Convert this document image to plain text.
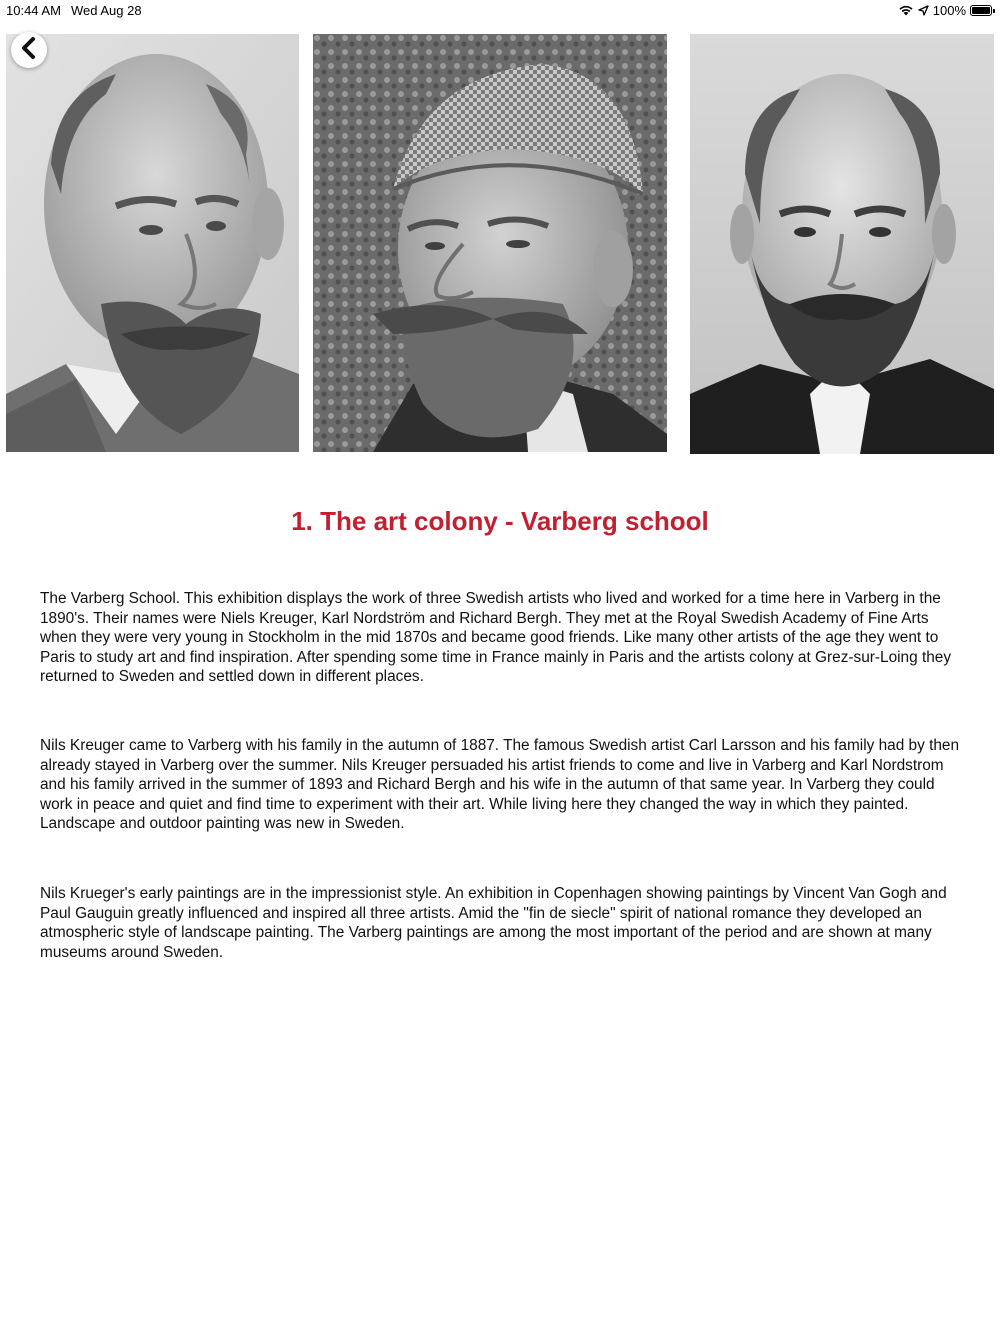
10:44 AM Wed Aug 28	100%
1. The art colony - Varberg school

The Varberg School. This exhibition displays the work of three Swedish artists who lived and worked for a time here in Varberg in the 1890's. Their names were Niels Kreuger, Karl Nordström and Richard Bergh. They met at the Royal Swedish Academy of Fine Arts when they were very young in Stockholm in the mid 1870s and became good friends. Like many other artists of the age they went to Paris to study art and find inspiration. After spending some time in France mainly in Paris and the artists colony at Grez-sur-Loing they returned to Sweden and settled down in different places.

Nils Kreuger came to Varberg with his family in the autumn of 1887. The famous Swedish artist Carl Larsson and his family had by then already stayed in Varberg over the summer. Nils Kreuger persuaded his artist friends to come and live in Varberg and Karl Nordstrom and his family arrived in the summer of 1893 and Richard Bergh and his wife in the autumn of that same year. In Varberg they could work in peace and quiet and find time to experiment with their art. While living here they changed the way in which they painted. Landscape and outdoor painting was new in Sweden.

Nils Krueger's early paintings are in the impressionist style. An exhibition in Copenhagen showing paintings by Vincent Van Gogh and Paul Gauguin greatly influenced and inspired all three artists. Amid the "fin de siecle" spirit of national romance they developed an atmospheric style of landscape painting. The Varberg paintings are among the most important of the period and are shown at many museums around Sweden.
